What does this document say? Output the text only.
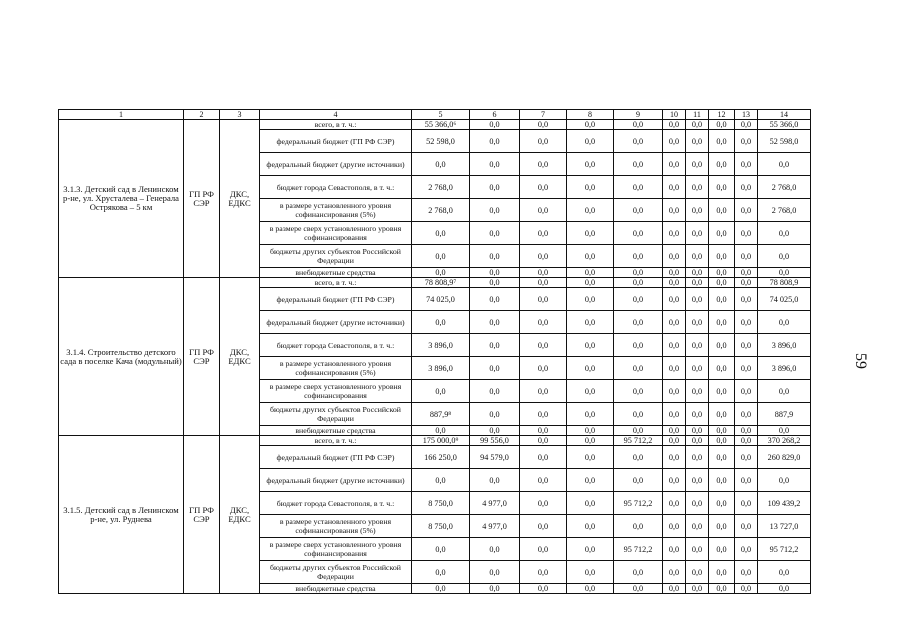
1	2	3	4	5	6	7	8	9	10	11	12	13	14
3.1.3. Детский сад в Ленинском р-не, ул. Хрусталева – Генерала Острякова – 5 км	ГП РФ СЭР	ДКС, ЕДКС	всего, в т. ч.:	55 366,0⁶	0,0	0,0	0,0	0,0	0,0	0,0	0,0	0,0	55 366,0
			федеральный бюджет (ГП РФ СЭР)	52 598,0	0,0	0,0	0,0	0,0	0,0	0,0	0,0	0,0	52 598,0
			федеральный бюджет (другие источники)	0,0	0,0	0,0	0,0	0,0	0,0	0,0	0,0	0,0	0,0
			бюджет города Севастополя, в т. ч.:	2 768,0	0,0	0,0	0,0	0,0	0,0	0,0	0,0	0,0	2 768,0
			в размере установленного уровня софинансирования (5%)	2 768,0	0,0	0,0	0,0	0,0	0,0	0,0	0,0	0,0	2 768,0
			в размере сверх установленного уровня софинансирования	0,0	0,0	0,0	0,0	0,0	0,0	0,0	0,0	0,0	0,0
			бюджеты других субъектов Российской Федерации	0,0	0,0	0,0	0,0	0,0	0,0	0,0	0,0	0,0	0,0
			внебюджетные средства	0,0	0,0	0,0	0,0	0,0	0,0	0,0	0,0	0,0	0,0
3.1.4. Строительство детского сада в поселке Кача (модульный)	ГП РФ СЭР	ДКС, ЕДКС	всего, в т. ч.:	78 808,9⁷	0,0	0,0	0,0	0,0	0,0	0,0	0,0	0,0	78 808,9
			федеральный бюджет (ГП РФ СЭР)	74 025,0	0,0	0,0	0,0	0,0	0,0	0,0	0,0	0,0	74 025,0
			федеральный бюджет (другие источники)	0,0	0,0	0,0	0,0	0,0	0,0	0,0	0,0	0,0	0,0
			бюджет города Севастополя, в т. ч.:	3 896,0	0,0	0,0	0,0	0,0	0,0	0,0	0,0	0,0	3 896,0
			в размере установленного уровня софинансирования (5%)	3 896,0	0,0	0,0	0,0	0,0	0,0	0,0	0,0	0,0	3 896,0
			в размере сверх установленного уровня софинансирования	0,0	0,0	0,0	0,0	0,0	0,0	0,0	0,0	0,0	0,0
			бюджеты других субъектов Российской Федерации	887,9⁸	0,0	0,0	0,0	0,0	0,0	0,0	0,0	0,0	887,9
			внебюджетные средства	0,0	0,0	0,0	0,0	0,0	0,0	0,0	0,0	0,0	0,0
3.1.5. Детский сад в Ленинском р-не, ул. Руднева	ГП РФ СЭР	ДКС, ЕДКС	всего, в т. ч.:	175 000,0⁹	99 556,0	0,0	0,0	95 712,2	0,0	0,0	0,0	0,0	370 268,2
			федеральный бюджет (ГП РФ СЭР)	166 250,0	94 579,0	0,0	0,0	0,0	0,0	0,0	0,0	0,0	260 829,0
			федеральный бюджет (другие источники)	0,0	0,0	0,0	0,0	0,0	0,0	0,0	0,0	0,0	0,0
			бюджет города Севастополя, в т. ч.:	8 750,0	4 977,0	0,0	0,0	95 712,2	0,0	0,0	0,0	0,0	109 439,2
			в размере установленного уровня софинансирования (5%)	8 750,0	4 977,0	0,0	0,0	0,0	0,0	0,0	0,0	0,0	13 727,0
			в размере сверх установленного уровня софинансирования	0,0	0,0	0,0	0,0	95 712,2	0,0	0,0	0,0	0,0	95 712,2
			бюджеты других субъектов Российской Федерации	0,0	0,0	0,0	0,0	0,0	0,0	0,0	0,0	0,0	0,0
			внебюджетные средства	0,0	0,0	0,0	0,0	0,0	0,0	0,0	0,0	0,0	0,0
59
